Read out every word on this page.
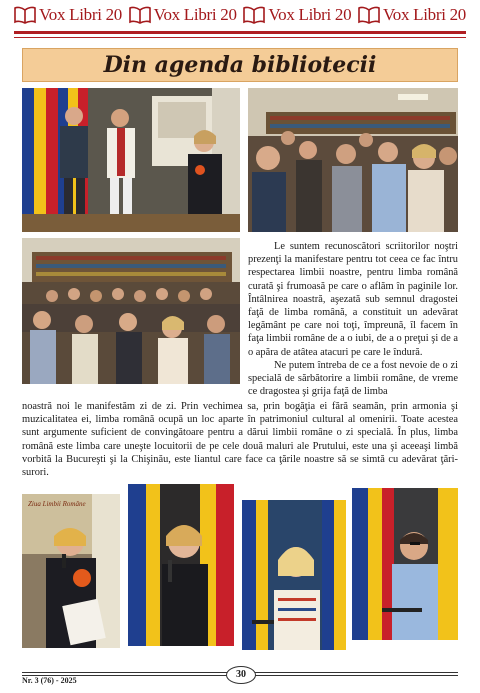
Vox Libri 20 Vox Libri 20 Vox Libri 20 Vox Libri 20
Din agenda bibliotecii

Le suntem recunoscători scriitorilor noştri prezenţi la manifestare pentru tot ceea ce fac întru respectarea limbii noastre, pentru limba română curată şi frumoasă pe care o aflăm în paginile lor. Întâlnirea noastră, aşezată sub semnul dragostei faţă de limba română, a constituit un adevărat legământ pe care noi toţi, împreună, îl facem în faţa limbii române de a o iubi, de a o preţui şi de a o apăra de atâtea atacuri pe care le îndură.

Ne putem întreba de ce a fost nevoie de o zi specială de sărbătorire a limbii române, de vreme ce dragostea şi grija faţă de limba

noastră noi le manifestăm zi de zi. Prin vechimea sa, prin bogăţia ei fără seamăn, prin armonia şi muzicalitatea ei, limba română ocupă un loc aparte în patrimoniul cultural al omenirii. Toate acestea sunt argumente suficient de convingătoare pentru a dărui limbii române o zi specială. În plus, limba română este limba care uneşte locuitorii de pe cele două maluri ale Prutului, este una şi aceeaşi limbă vorbită la Bucureşti şi la Chişinău, este liantul care face ca ţările noastre să se simtă cu adevărat ţări-surori.

Ziua Limbii Române
Nr. 3 (76) - 2025
30
